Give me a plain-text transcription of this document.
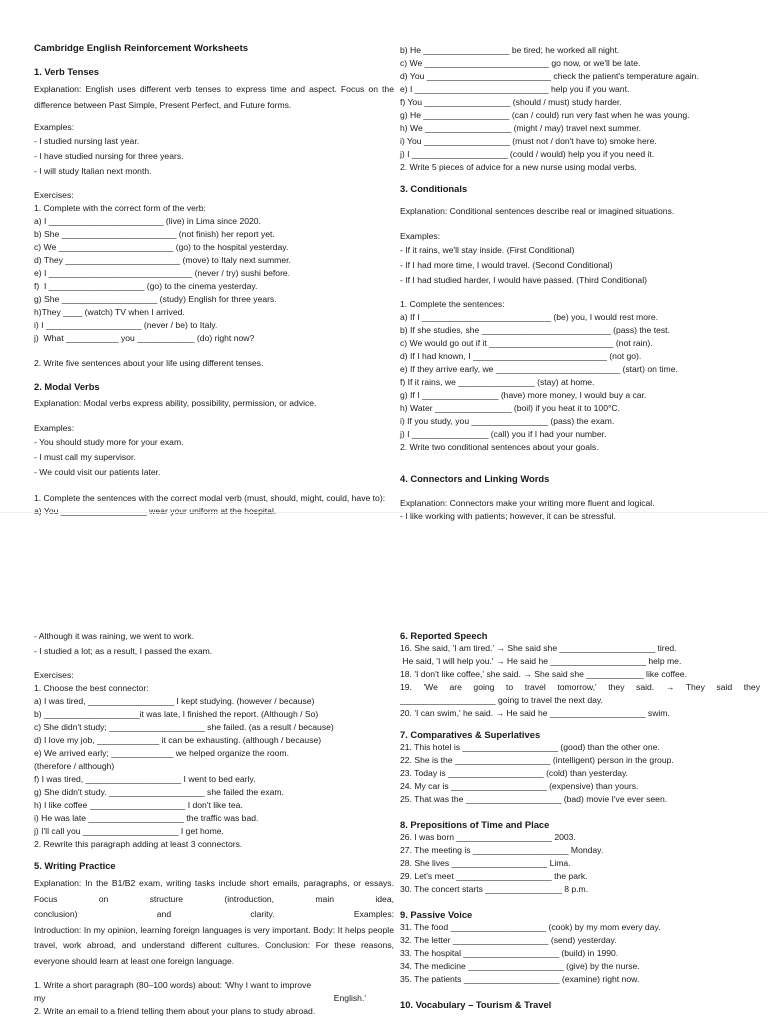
Cambridge English Reinforcement Worksheets
1. Verb Tenses
Explanation: English uses different verb tenses to express time and aspect. Focus on the difference between Past Simple, Present Perfect, and Future forms.
Examples:
- I studied nursing last year.
- I have studied nursing for three years.
- I will study Italian next month.
Exercises:
1. Complete with the correct form of the verb:
a) I ________________________ (live) in Lima since 2020.
b) She ________________________ (not finish) her report yet.
c) We ________________________ (go) to the hospital yesterday.
d) They ________________________ (move) to Italy next summer.
e) I ______________________________ (never / try) sushi before.
f)  I ____________________ (go) to the cinema yesterday.
g) She ____________________ (study) English for three years.
h)They ____ (watch) TV when I arrived.
i) I ____________________ (never / be) to Italy.
j)  What ___________ you ____________ (do) right now?
2. Write five sentences about your life using different tenses.
2. Modal Verbs
Explanation: Modal verbs express ability, possibility, permission, or advice.
Examples:
- You should study more for your exam.
- I must call my supervisor.
- We could visit our patients later.
1. Complete the sentences with the correct modal verb (must, should, might, could, have to):
a) You __________________ wear your uniform at the hospital.
b) He __________________ be tired; he worked all night.
c) We __________________________ go now, or we'll be late.
d) You __________________________ check the patient's temperature again.
e) I ____________________________ help you if you want.
f) You __________________ (should / must) study harder.
g) He __________________ (can / could) run very fast when he was young.
h) We __________________ (might / may) travel next summer.
i) You __________________ (must not / don't have to) smoke here.
j) I ____________________ (could / would) help you if you need it.
2. Write 5 pieces of advice for a new nurse using modal verbs.
3. Conditionals
Explanation: Conditional sentences describe real or imagined situations.
Examples:
- If it rains, we'll stay inside. (First Conditional)
- If I had more time, I would travel. (Second Conditional)
- If I had studied harder, I would have passed. (Third Conditional)
1. Complete the sentences:
a) If I ___________________________ (be) you, I would rest more.
b) If she studies, she ___________________________ (pass) the test.
c) We would go out if it __________________________ (not rain).
d) If I had known, I ____________________________ (not go).
e) If they arrive early, we __________________________ (start) on time.
f) If it rains, we ________________ (stay) at home.
g) If I ________________ (have) more money, I would buy a car.
h) Water ________________ (boil) if you heat it to 100°C.
i) If you study, you ________________ (pass) the exam.
j) I ________________ (call) you if I had your number.
2. Write two conditional sentences about your goals.
4. Connectors and Linking Words
Explanation: Connectors make your writing more fluent and logical.
- I like working with patients; however, it can be stressful.
- Although it was raining, we went to work.
- I studied a lot; as a result, I passed the exam.
Exercises:
1. Choose the best connector:
a) I was tired, __________________ I kept studying. (however / because)
b) ____________________it was late, I finished the report. (Although / So)
c) She didn't study; ____________________ she failed. (as a result / because)
d) I love my job, _____________ it can be exhausting. (although / because)
e) We arrived early; _____________ we helped organize the room.
(therefore / although)
f) I was tired, ____________________ I went to bed early.
g) She didn't study. ____________________ she failed the exam.
h) I like coffee ____________________ I don't like tea.
i) He was late ____________________ the traffic was bad.
j) I'll call you ____________________ I get home.
2. Rewrite this paragraph adding at least 3 connectors.
5. Writing Practice
Explanation: In the B1/B2 exam, writing tasks include short emails, paragraphs, or essays. Focus on structure (introduction, main idea,
conclusion) and clarity. Examples:
Introduction: In my opinion, learning foreign languages is very important. Body: It helps people travel, work abroad, and understand different cultures. Conclusion: For these reasons, everyone should learn at least one foreign language.
1. Write a short paragraph (80–100 words) about: 'Why I want to improve
my	English.'
2. Write an email to a friend telling them about your plans to study abroad.
6. Reported Speech
16. She said, 'I am tired.' → She said she ____________________ tired.
He said, 'I will help you.' → He said he ____________________ help me.
18. 'I don't like coffee,' she said. → She said she ____________ like coffee.
19. 'We are going to travel tomorrow,' they said. → They said they
____________________ going to travel the next day.
20. 'I can swim,' he said. → He said he ____________________ swim.
7. Comparatives & Superlatives
21. This hotel is ____________________ (good) than the other one.
22. She is the ____________________ (intelligent) person in the group.
23. Today is ____________________ (cold) than yesterday.
24. My car is ____________________ (expensive) than yours.
25. That was the ____________________ (bad) movie I've ever seen.
8. Prepositions of Time and Place
26. I was born ____________________ 2003.
27. The meeting is ____________________ Monday.
28. She lives ____________________ Lima.
29. Let's meet ____________________ the park.
30. The concert starts ________________ 8 p.m.
9. Passive Voice
31. The food ____________________ (cook) by my mom every day.
32. The letter ____________________ (send) yesterday.
33. The hospital ____________________ (build) in 1990.
34. The medicine ____________________ (give) by the nurse.
35. The patients ____________________ (examine) right now.
10. Vocabulary – Tourism & Travel
